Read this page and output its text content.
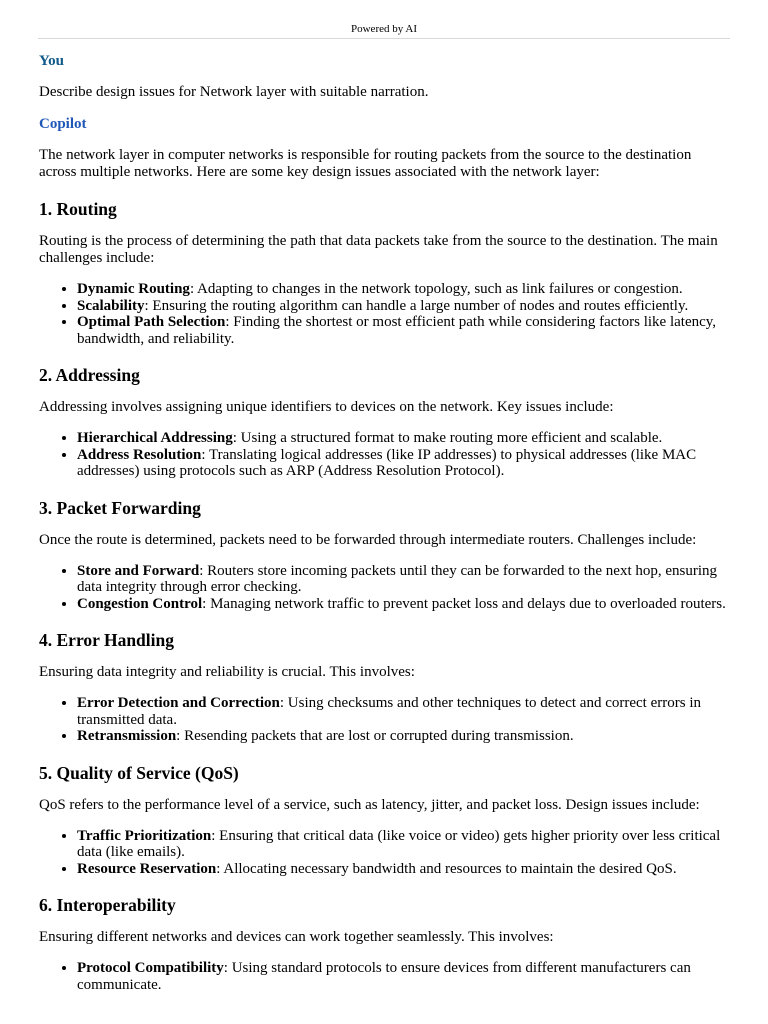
Powered by AI
You
Describe design issues for Network layer with suitable narration.
Copilot
The network layer in computer networks is responsible for routing packets from the source to the destination across multiple networks. Here are some key design issues associated with the network layer:
1. Routing

Routing is the process of determining the path that data packets take from the source to the destination. The main challenges include:

• Dynamic Routing: Adapting to changes in the network topology, such as link failures or congestion.
• Scalability: Ensuring the routing algorithm can handle a large number of nodes and routes efficiently.
• Optimal Path Selection: Finding the shortest or most efficient path while considering factors like latency, bandwidth, and reliability.
2. Addressing

Addressing involves assigning unique identifiers to devices on the network. Key issues include:

• Hierarchical Addressing: Using a structured format to make routing more efficient and scalable.
• Address Resolution: Translating logical addresses (like IP addresses) to physical addresses (like MAC addresses) using protocols such as ARP (Address Resolution Protocol).
3. Packet Forwarding

Once the route is determined, packets need to be forwarded through intermediate routers. Challenges include:

• Store and Forward: Routers store incoming packets until they can be forwarded to the next hop, ensuring data integrity through error checking.
• Congestion Control: Managing network traffic to prevent packet loss and delays due to overloaded routers.
4. Error Handling

Ensuring data integrity and reliability is crucial. This involves:

• Error Detection and Correction: Using checksums and other techniques to detect and correct errors in transmitted data.
• Retransmission: Resending packets that are lost or corrupted during transmission.
5. Quality of Service (QoS)

QoS refers to the performance level of a service, such as latency, jitter, and packet loss. Design issues include:

• Traffic Prioritization: Ensuring that critical data (like voice or video) gets higher priority over less critical data (like emails).
• Resource Reservation: Allocating necessary bandwidth and resources to maintain the desired QoS.
6. Interoperability

Ensuring different networks and devices can work together seamlessly. This involves:

• Protocol Compatibility: Using standard protocols to ensure devices from different manufacturers can communicate.
